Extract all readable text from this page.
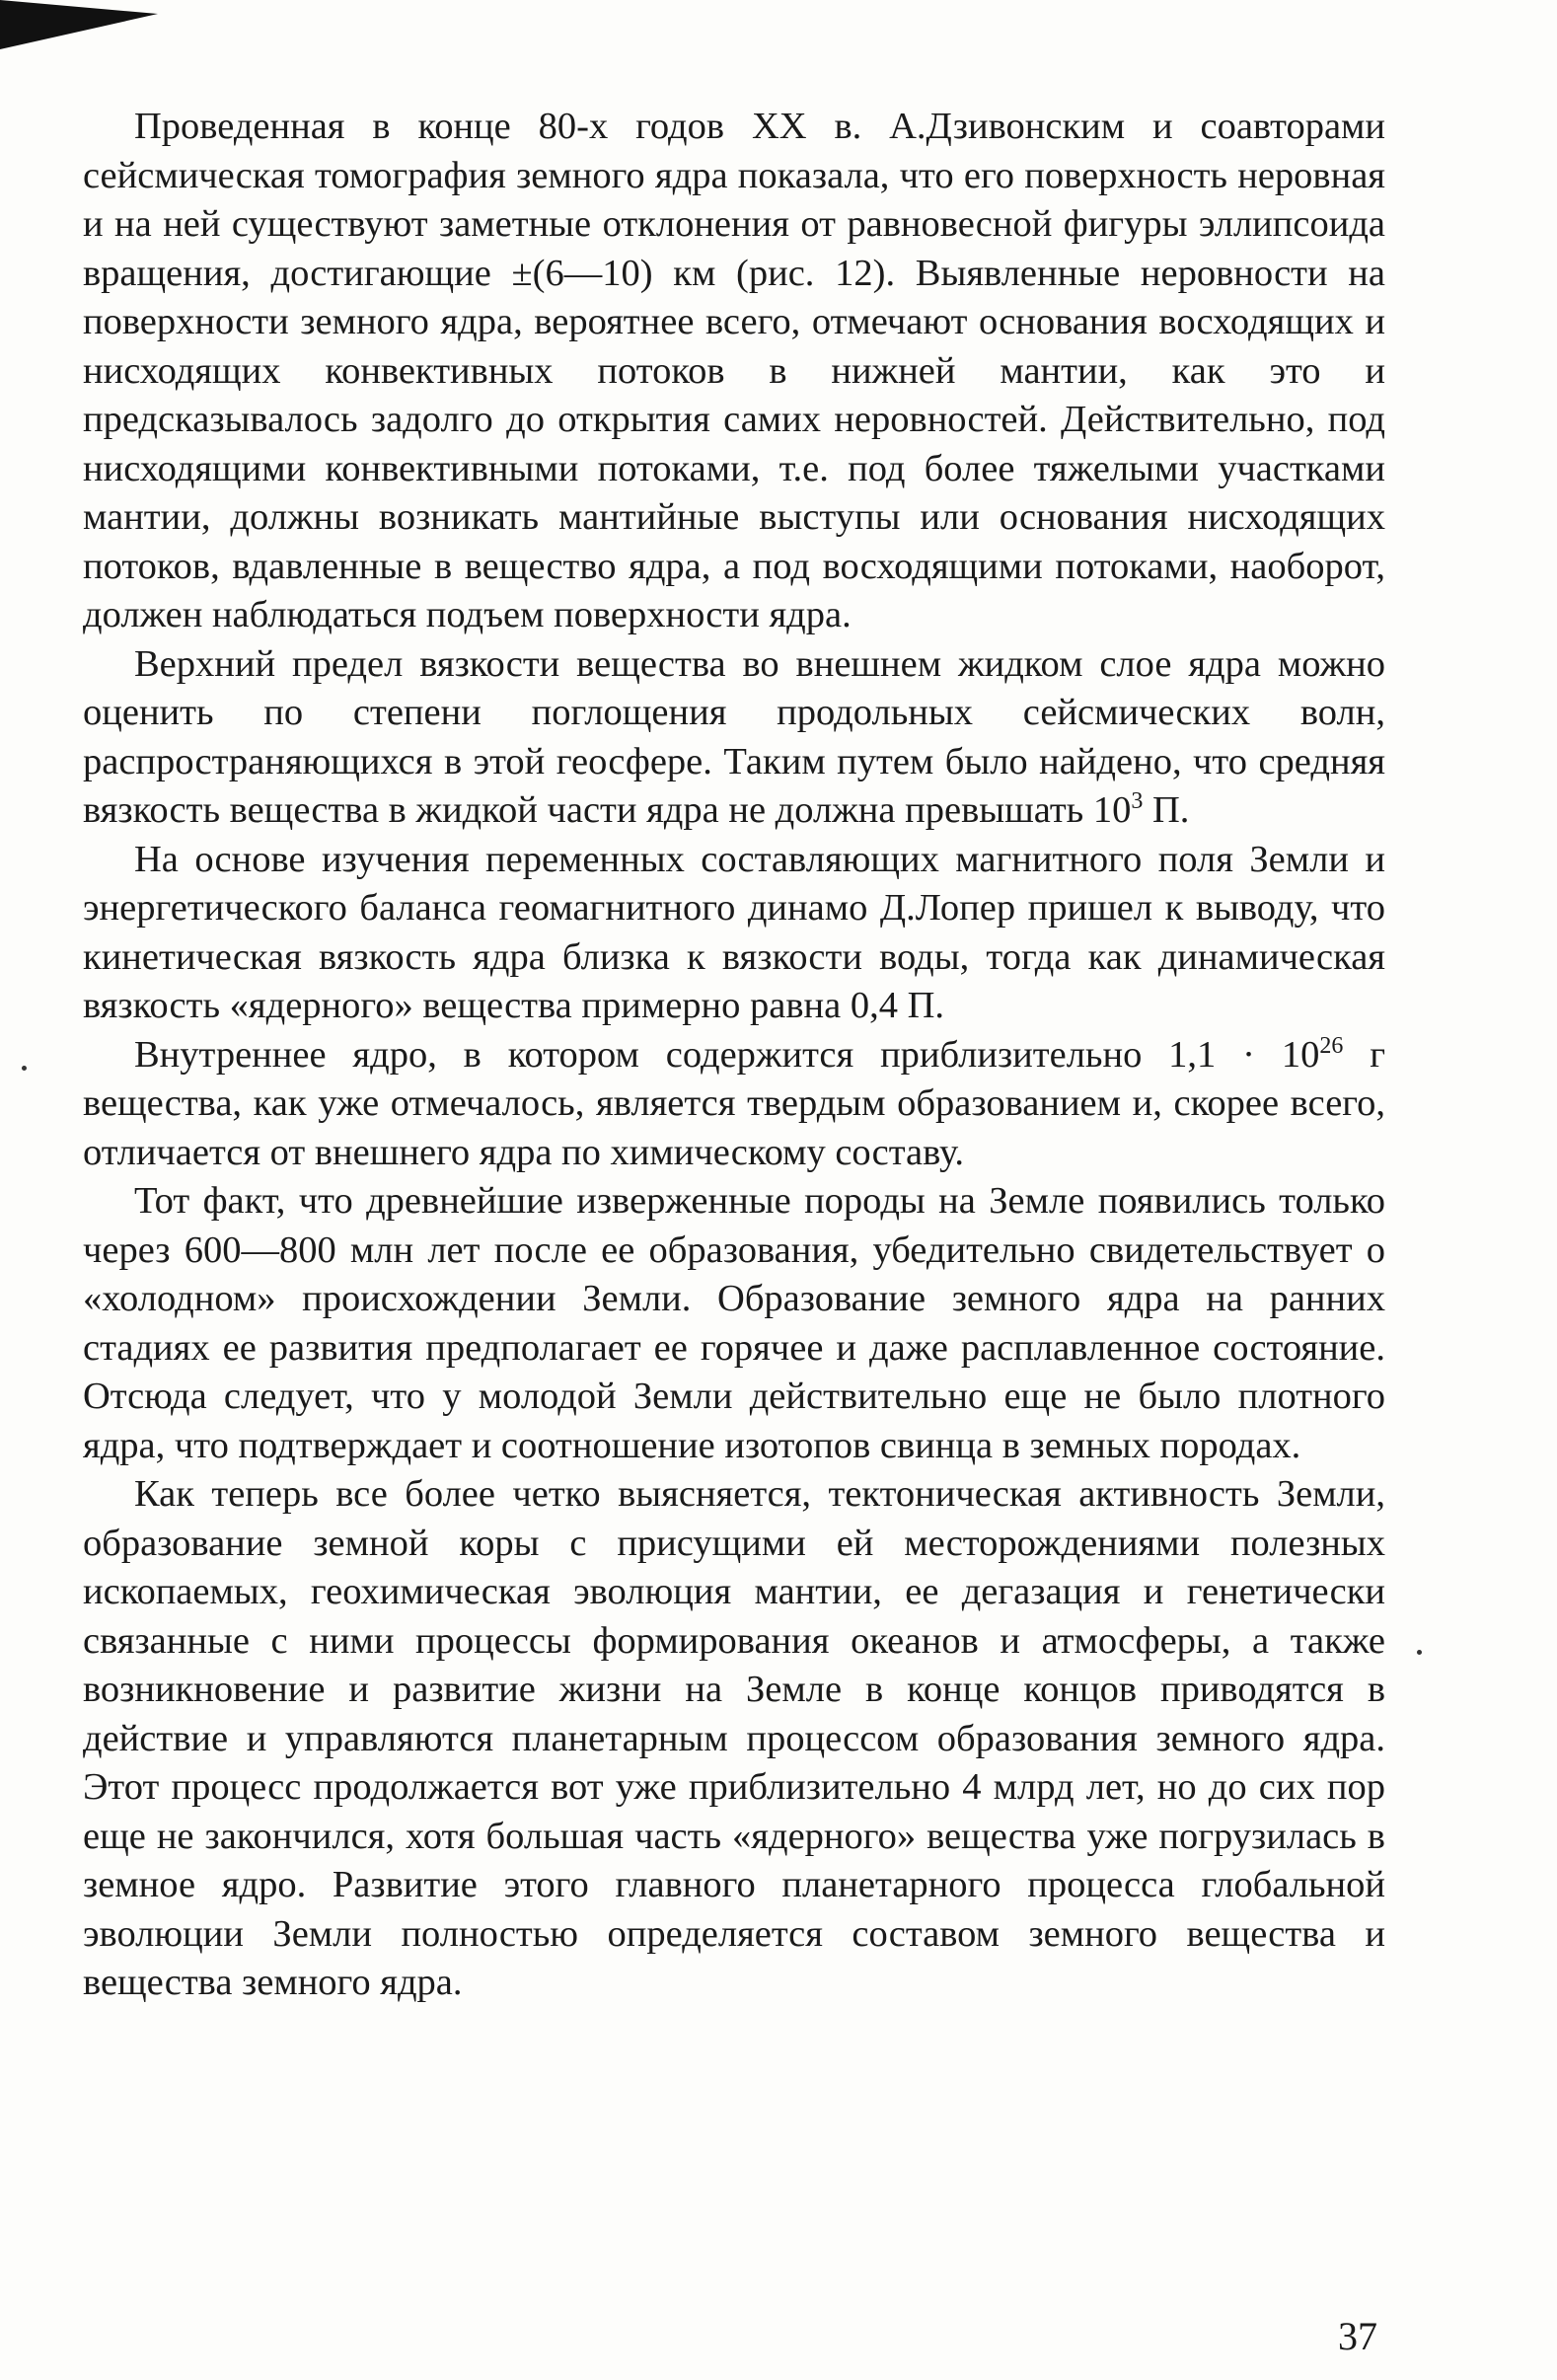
Проведенная в конце 80-х годов XX в. А.Дзивонским и соавторами сейсмическая томография земного ядра показала, что его поверхность неровная и на ней существуют заметные отклонения от равновесной фигуры эллипсоида вращения, достигающие ±(6—10) км (рис. 12). Выявленные неровности на поверхности земного ядра, вероятнее всего, отмечают основания восходящих и нисходящих конвективных потоков в нижней мантии, как это и предсказывалось задолго до открытия самих неровностей. Действительно, под нисходящими конвективными потоками, т.е. под более тяжелыми участками мантии, должны возникать мантийные выступы или основания нисходящих потоков, вдавленные в вещество ядра, а под восходящими потоками, наоборот, должен наблюдаться подъем поверхности ядра.

Верхний предел вязкости вещества во внешнем жидком слое ядра можно оценить по степени поглощения продольных сейсмических волн, распространяющихся в этой геосфере. Таким путем было найдено, что средняя вязкость вещества в жидкой части ядра не должна превышать $10^3$ П.

На основе изучения переменных составляющих магнитного поля Земли и энергетического баланса геомагнитного динамо Д.Лопер пришел к выводу, что кинетическая вязкость ядра близка к вязкости воды, тогда как динамическая вязкость «ядерного» вещества примерно равна 0,4 П.

Внутреннее ядро, в котором содержится приблизительно $1,1 \cdot 10^{26}$ г вещества, как уже отмечалось, является твердым образованием и, скорее всего, отличается от внешнего ядра по химическому составу.

Тот факт, что древнейшие изверженные породы на Земле появились только через 600—800 млн лет после ее образования, убедительно свидетельствует о «холодном» происхождении Земли. Образование земного ядра на ранних стадиях ее развития предполагает ее горячее и даже расплавленное состояние. Отсюда следует, что у молодой Земли действительно еще не было плотного ядра, что подтверждает и соотношение изотопов свинца в земных породах.

Как теперь все более четко выясняется, тектоническая активность Земли, образование земной коры с присущими ей месторождениями полезных ископаемых, геохимическая эволюция мантии, ее дегазация и генетически связанные с ними процессы формирования океанов и атмосферы, а также возникновение и развитие жизни на Земле в конце концов приводятся в действие и управляются планетарным процессом образования земного ядра. Этот процесс продолжается вот уже приблизительно 4 млрд лет, но до сих пор еще не закончился, хотя большая часть «ядерного» вещества уже погрузилась в земное ядро. Развитие этого главного планетарного процесса глобальной эволюции Земли полностью определяется составом земного вещества и вещества земного ядра.

37
